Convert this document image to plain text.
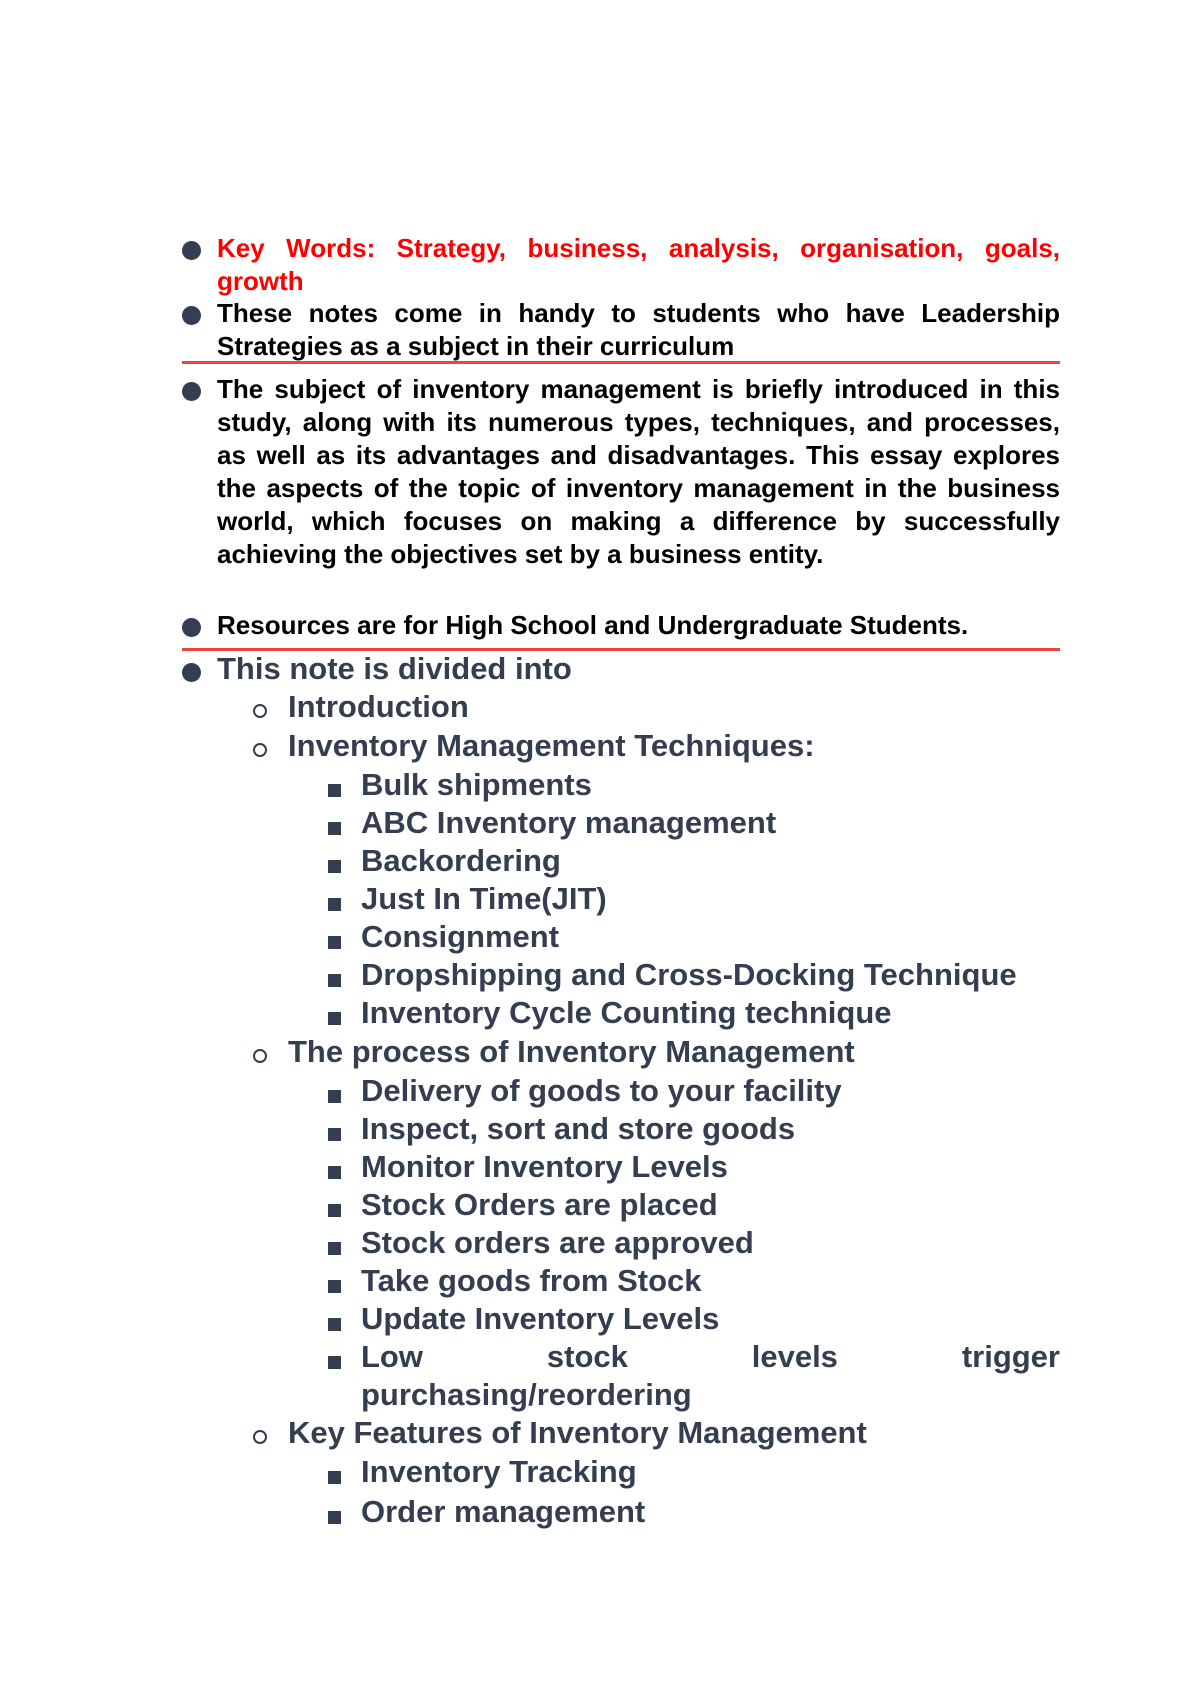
Key Words: Strategy, business, analysis, organisation, goals, growth
These notes come in handy to students who have Leadership Strategies as a subject in their curriculum
The subject of inventory management is briefly introduced in this study, along with its numerous types, techniques, and processes, as well as its advantages and disadvantages. This essay explores the aspects of the topic of inventory management in the business world, which focuses on making a difference by successfully achieving the objectives set by a business entity.
Resources are for High School and Undergraduate Students.
This note is divided into
Introduction
Inventory Management Techniques:
Bulk shipments
ABC Inventory management
Backordering
Just In Time(JIT)
Consignment
Dropshipping and Cross-Docking Technique
Inventory Cycle Counting technique
The process of Inventory Management
Delivery of goods to your facility
Inspect, sort and store goods
Monitor Inventory Levels
Stock Orders are placed
Stock orders are approved
Take goods from Stock
Update Inventory Levels
Low	stock	levels	trigger
purchasing/reordering
Key Features of Inventory Management
Inventory Tracking
Order management
